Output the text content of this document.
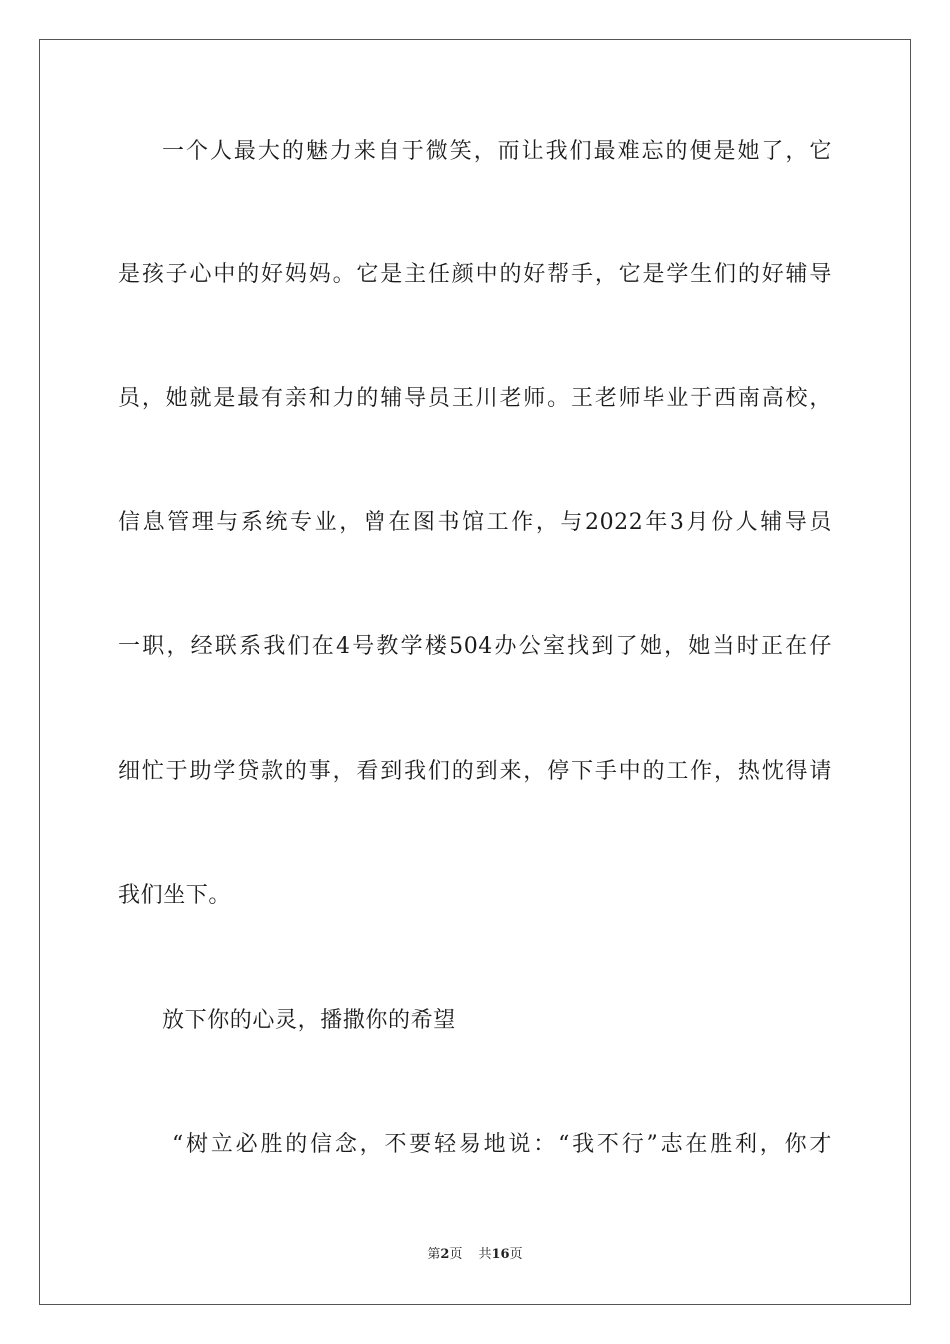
一个人最大的魅力来自于微笑，而让我们最难忘的便是她了，它
是孩子心中的好妈妈。它是主任颜中的好帮手，它是学生们的好辅导
员，她就是最有亲和力的辅导员王川老师。王老师毕业于西南高校，
信息管理与系统专业，曾在图书馆工作，与2022年3月份人辅导员
一职，经联系我们在4号教学楼504办公室找到了她，她当时正在仔
细忙于助学贷款的事，看到我们的到来，停下手中的工作，热忱得请
我们坐下。
放下你的心灵，播撒你的希望
“树立必胜的信念，不要轻易地说：“我不行”志在胜利，你才
第2页 共16页
